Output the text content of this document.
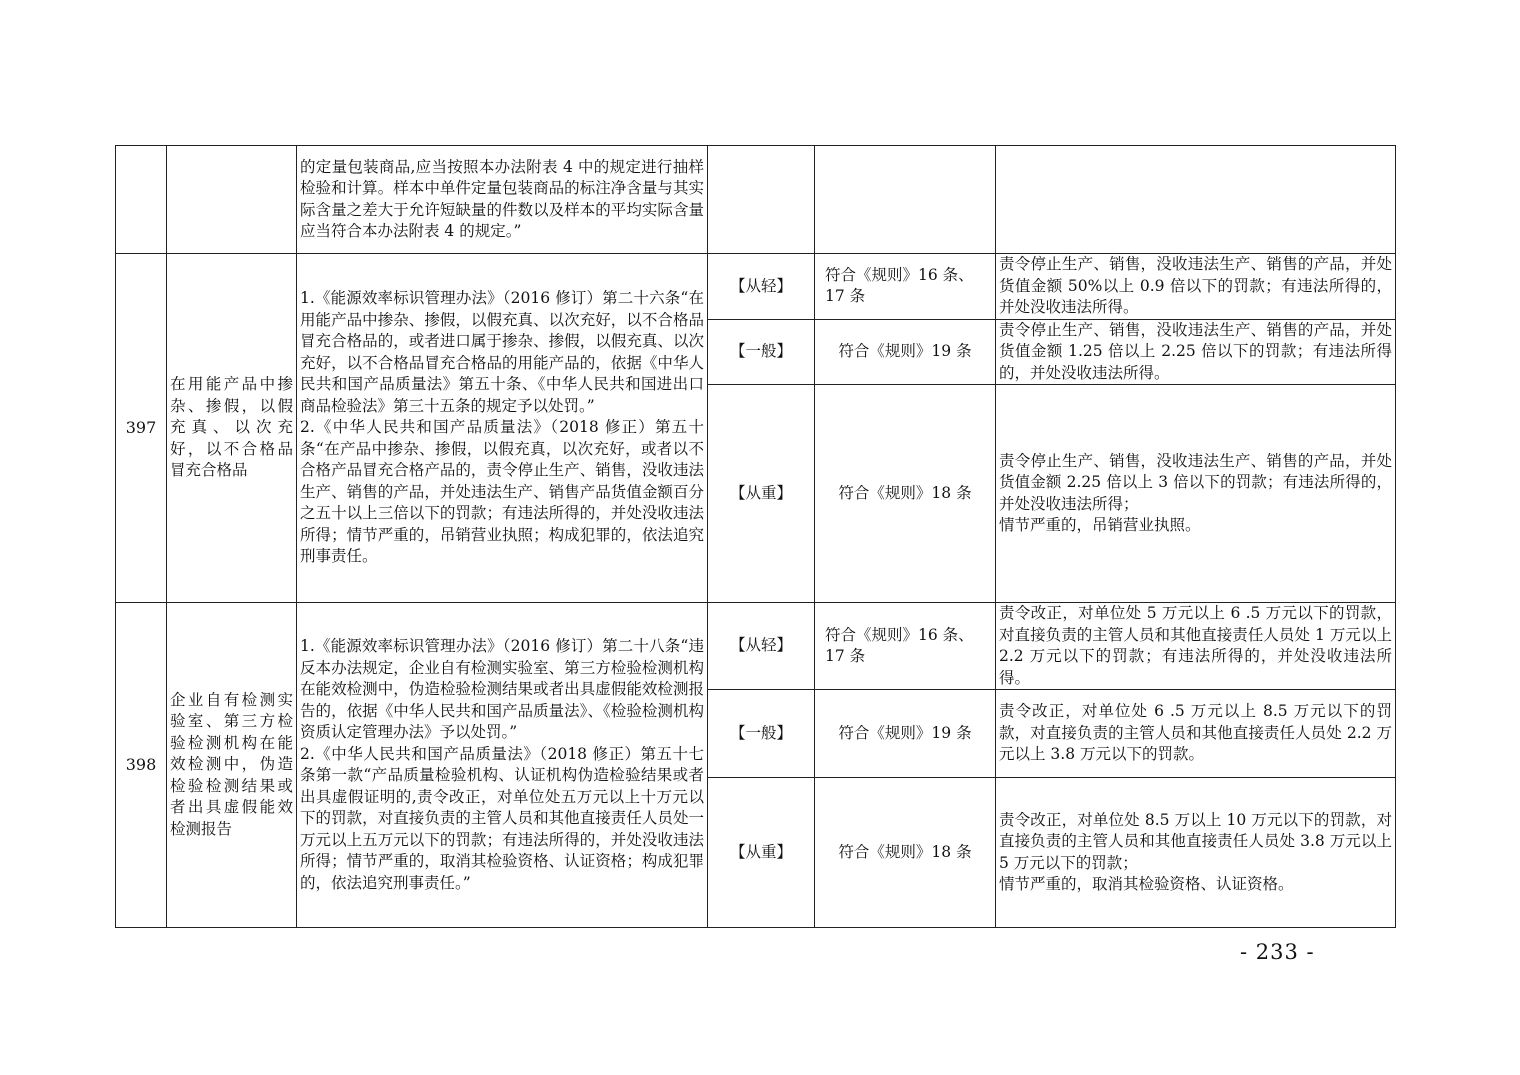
		的定量包装商品,应当按照本办法附表 4 中的规定进行抽样检验和计算。样本中单件定量包装商品的标注净含量与其实际含量之差大于允许短缺量的件数以及样本的平均实际含量应当符合本办法附表 4 的规定。”			
397	在用能产品中掺杂、掺假，以假充真、以次充好，以不合格品冒充合格品	1.《能源效率标识管理办法》（2016 修订）第二十六条“在用能产品中掺杂、掺假，以假充真、以次充好，以不合格品冒充合格品的，或者进口属于掺杂、掺假，以假充真、以次充好，以不合格品冒充合格品的用能产品的，依据《中华人民共和国产品质量法》第五十条、《中华人民共和国进出口商品检验法》第三十五条的规定予以处罚。”
2.《中华人民共和国产品质量法》（2018 修正）第五十条“在产品中掺杂、掺假，以假充真，以次充好，或者以不合格产品冒充合格产品的，责令停止生产、销售，没收违法生产、销售的产品，并处违法生产、销售产品货值金额百分之五十以上三倍以下的罚款；有违法所得的，并处没收违法所得；情节严重的，吊销营业执照；构成犯罪的，依法追究刑事责任。	【从轻】	符合《规则》16 条、17 条	责令停止生产、销售，没收违法生产、销售的产品，并处货值金额 50%以上 0.9 倍以下的罚款；有违法所得的，并处没收违法所得。
			【一般】	符合《规则》19 条	责令停止生产、销售，没收违法生产、销售的产品，并处货值金额 1.25 倍以上 2.25 倍以下的罚款；有违法所得的，并处没收违法所得。
			【从重】	符合《规则》18 条	责令停止生产、销售，没收违法生产、销售的产品，并处货值金额 2.25 倍以上 3 倍以下的罚款；有违法所得的，并处没收违法所得；
情节严重的，吊销营业执照。
398	企业自有检测实验室、第三方检验检测机构在能效检测中，伪造检验检测结果或者出具虚假能效检测报告	1.《能源效率标识管理办法》（2016 修订）第二十八条“违反本办法规定，企业自有检测实验室、第三方检验检测机构在能效检测中，伪造检验检测结果或者出具虚假能效检测报告的，依据《中华人民共和国产品质量法》、《检验检测机构资质认定管理办法》予以处罚。”
2.《中华人民共和国产品质量法》（2018 修正）第五十七条第一款“产品质量检验机构、认证机构伪造检验结果或者出具虚假证明的,责令改正，对单位处五万元以上十万元以下的罚款，对直接负责的主管人员和其他直接责任人员处一万元以上五万元以下的罚款；有违法所得的，并处没收违法所得；情节严重的，取消其检验资格、认证资格；构成犯罪的，依法追究刑事责任。”	【从轻】	符合《规则》16 条、17 条	责令改正，对单位处 5 万元以上 6 .5 万元以下的罚款，对直接负责的主管人员和其他直接责任人员处 1 万元以上 2.2 万元以下的罚款；有违法所得的，并处没收违法所得。
			【一般】	符合《规则》19 条	责令改正，对单位处 6 .5 万元以上 8.5 万元以下的罚款，对直接负责的主管人员和其他直接责任人员处 2.2 万元以上 3.8 万元以下的罚款。
			【从重】	符合《规则》18 条	责令改正，对单位处 8.5 万以上 10 万元以下的罚款，对直接负责的主管人员和其他直接责任人员处 3.8 万元以上 5 万元以下的罚款；
情节严重的，取消其检验资格、认证资格。
- 233 -
